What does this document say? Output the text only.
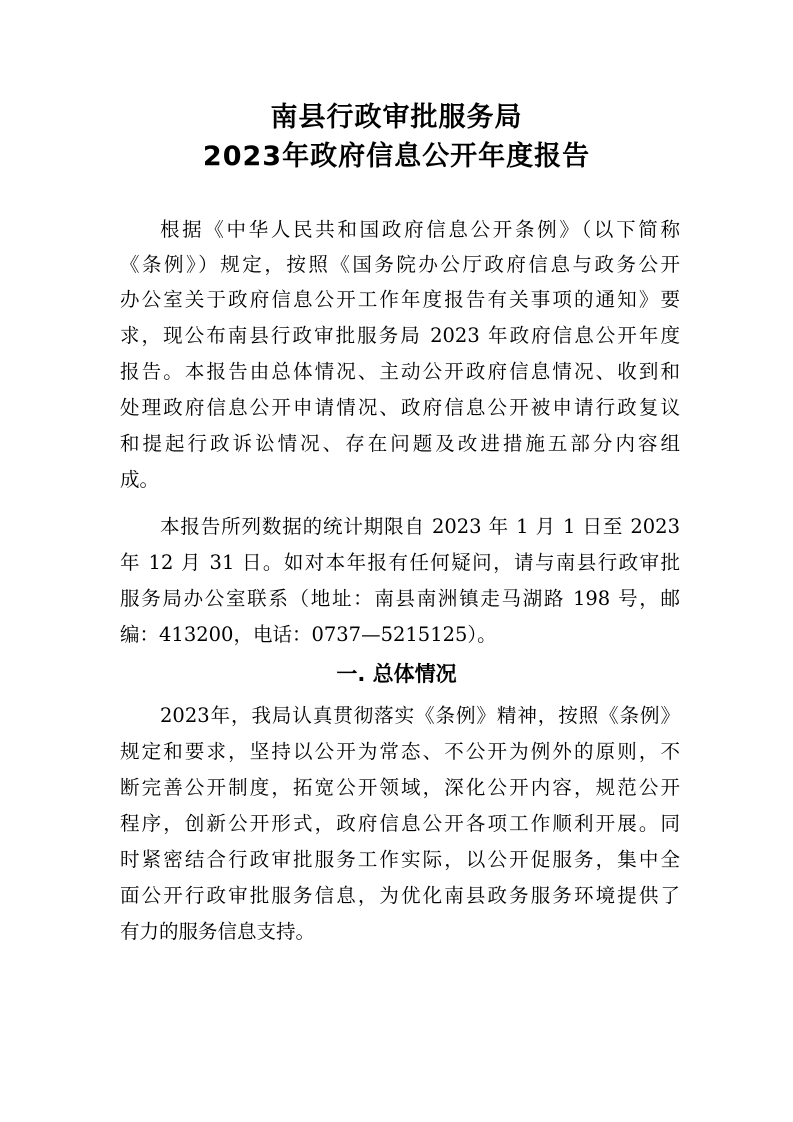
南县行政审批服务局
2023年政府信息公开年度报告
根据《中华人民共和国政府信息公开条例》（以下简称
《条例》）规定，按照《国务院办公厅政府信息与政务公开
办公室关于政府信息公开工作年度报告有关事项的通知》要
求，现公布南县行政审批服务局 2023 年政府信息公开年度
报告。本报告由总体情况、主动公开政府信息情况、收到和
处理政府信息公开申请情况、政府信息公开被申请行政复议
和提起行政诉讼情况、存在问题及改进措施五部分内容组
成。
本报告所列数据的统计期限自 2023 年 1 月 1 日至 2023
年 12 月 31 日。如对本年报有任何疑问，请与南县行政审批
服务局办公室联系（地址：南县南洲镇走马湖路 198 号，邮
编：413200，电话：0737—5215125）。
一. 总体情况
2023年，我局认真贯彻落实《条例》精神，按照《条例》
规定和要求，坚持以公开为常态、不公开为例外的原则，不
断完善公开制度，拓宽公开领域，深化公开内容，规范公开
程序，创新公开形式，政府信息公开各项工作顺利开展。同
时紧密结合行政审批服务工作实际，以公开促服务，集中全
面公开行政审批服务信息，为优化南县政务服务环境提供了
有力的服务信息支持。
